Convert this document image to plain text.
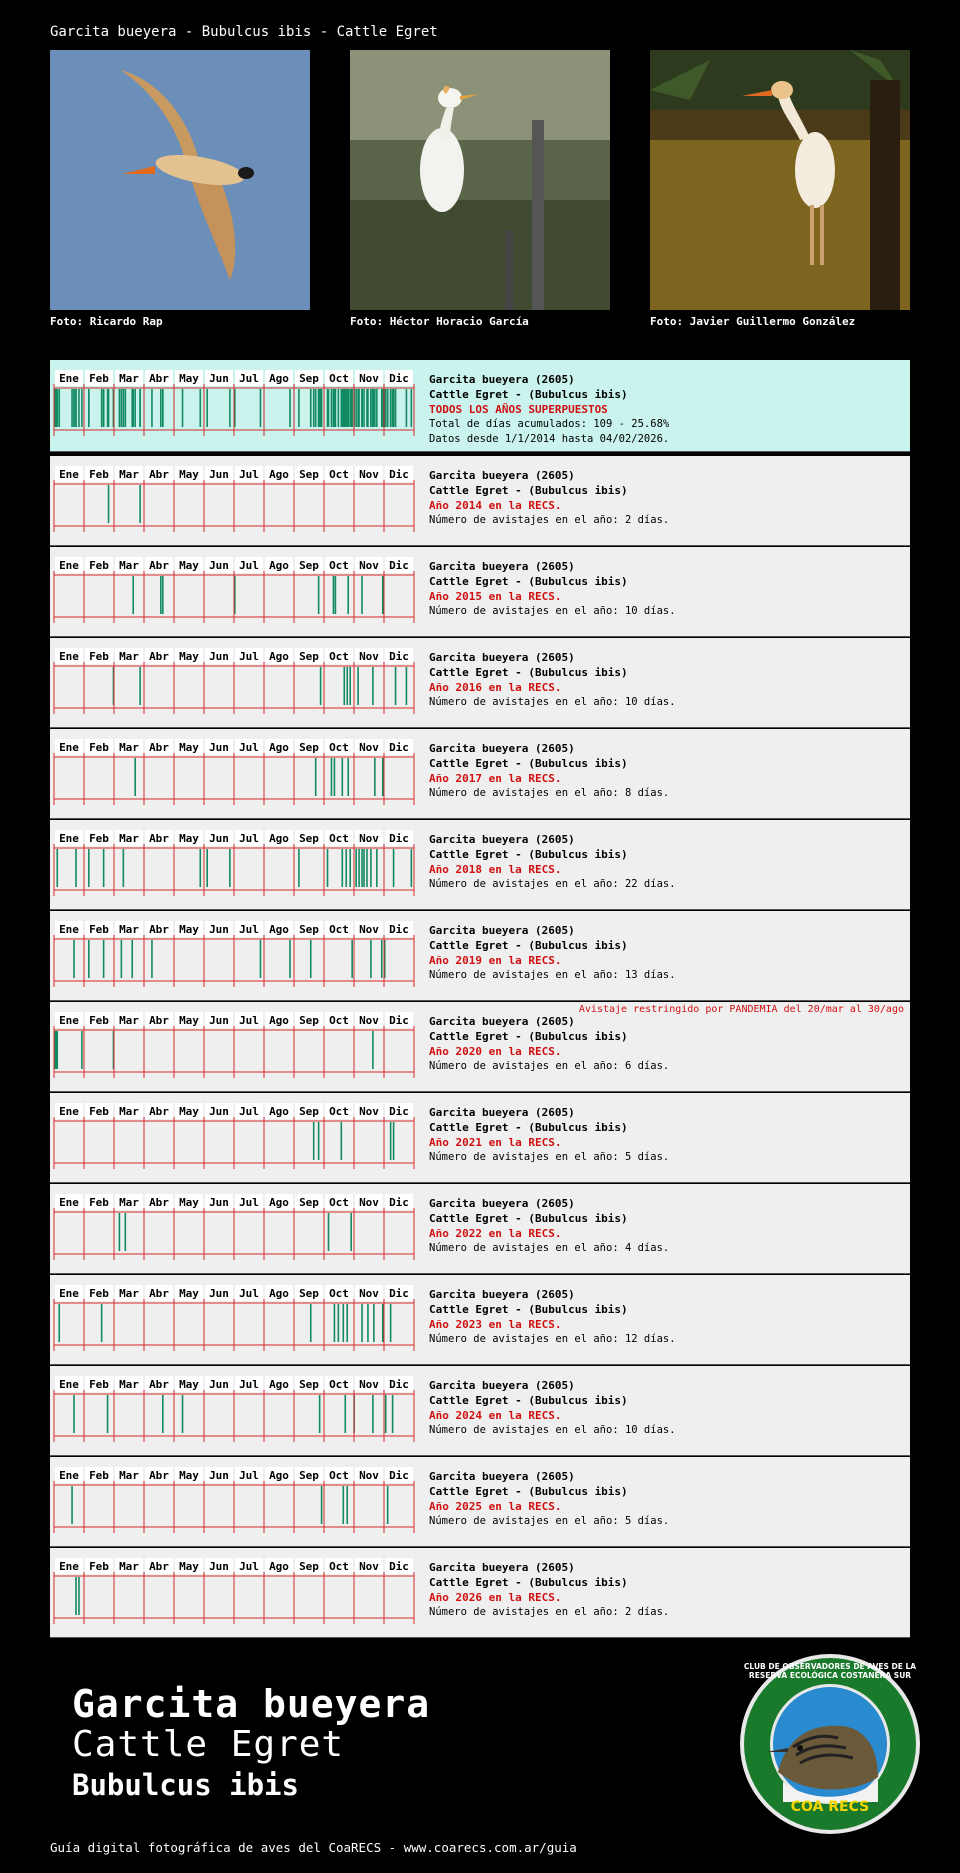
Garcita bueyera - Bubulcus ibis - Cattle Egret
Foto: Ricardo Rap	Foto: Héctor Horacio García	Foto: Javier Guillermo González
Ene Feb Mar Abr May Jun Jul Ago Sep Oct Nov Dic Garcita bueyera (2605)
Cattle Egret - (Bubulcus ibis)
TODOS LOS AÑOS SUPERPUESTOS
Total de días acumulados: 109 - 25.68%
Datos desde 1/1/2014 hasta 04/02/2026.
Ene Feb Mar Abr May Jun Jul Ago Sep Oct Nov Dic Garcita bueyera (2605)
Cattle Egret - (Bubulcus ibis)
Año 2014 en la RECS.
Número de avistajes en el año: 2 días.
Ene Feb Mar Abr May Jun Jul Ago Sep Oct Nov Dic Garcita bueyera (2605)
Cattle Egret - (Bubulcus ibis)
Año 2015 en la RECS.
Número de avistajes en el año: 10 días.
Ene Feb Mar Abr May Jun Jul Ago Sep Oct Nov Dic Garcita bueyera (2605)
Cattle Egret - (Bubulcus ibis)
Año 2016 en la RECS.
Número de avistajes en el año: 10 días.
Ene Feb Mar Abr May Jun Jul Ago Sep Oct Nov Dic Garcita bueyera (2605)
Cattle Egret - (Bubulcus ibis)
Año 2017 en la RECS.
Número de avistajes en el año: 8 días.
Ene Feb Mar Abr May Jun Jul Ago Sep Oct Nov Dic Garcita bueyera (2605)
Cattle Egret - (Bubulcus ibis)
Año 2018 en la RECS.
Número de avistajes en el año: 22 días.
Ene Feb Mar Abr May Jun Jul Ago Sep Oct Nov Dic Garcita bueyera (2605)
Cattle Egret - (Bubulcus ibis)
Año 2019 en la RECS.
Número de avistajes en el año: 13 días.
Ene Feb Mar Abr May Jun Jul Ago Sep Oct Nov Dic Garcita bueyera (2605)
Cattle Egret - (Bubulcus ibis)
Año 2020 en la RECS.
Número de avistajes en el año: 6 días.
Avistaje restringido por PANDEMIA del 20/mar al 30/ago
Ene Feb Mar Abr May Jun Jul Ago Sep Oct Nov Dic Garcita bueyera (2605)
Cattle Egret - (Bubulcus ibis)
Año 2021 en la RECS.
Número de avistajes en el año: 5 días.
Ene Feb Mar Abr May Jun Jul Ago Sep Oct Nov Dic Garcita bueyera (2605)
Cattle Egret - (Bubulcus ibis)
Año 2022 en la RECS.
Número de avistajes en el año: 4 días.
Ene Feb Mar Abr May Jun Jul Ago Sep Oct Nov Dic Garcita bueyera (2605)
Cattle Egret - (Bubulcus ibis)
Año 2023 en la RECS.
Número de avistajes en el año: 12 días.
Ene Feb Mar Abr May Jun Jul Ago Sep Oct Nov Dic Garcita bueyera (2605)
Cattle Egret - (Bubulcus ibis)
Año 2024 en la RECS.
Número de avistajes en el año: 10 días.
Ene Feb Mar Abr May Jun Jul Ago Sep Oct Nov Dic Garcita bueyera (2605)
Cattle Egret - (Bubulcus ibis)
Año 2025 en la RECS.
Número de avistajes en el año: 5 días.
Ene Feb Mar Abr May Jun Jul Ago Sep Oct Nov Dic Garcita bueyera (2605)
Cattle Egret - (Bubulcus ibis)
Año 2026 en la RECS.
Número de avistajes en el año: 2 días.
Garcita bueyera
Cattle Egret
Bubulcus ibis
Guía digital fotográfica de aves del CoaRECS - www.coarecs.com.ar/guia
CLUB DE OBSERVADORES DE AVES DE LA RESERVA ECOLÓGICA COSTANERA SUR
COA RECS
